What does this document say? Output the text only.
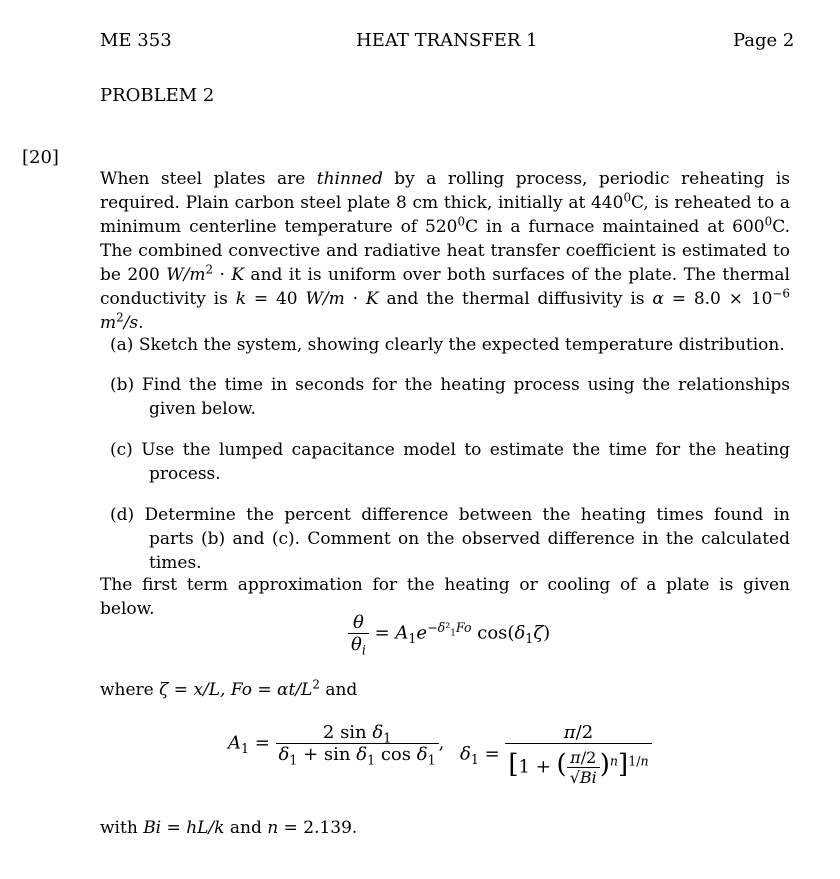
ME 353	HEAT TRANSFER 1	Page 2
PROBLEM 2
[20]
When steel plates are thinned by a rolling process, periodic reheating is required. Plain carbon steel plate 8 cm thick, initially at $440^0C$, is reheated to a minimum centerline temperature of $520^0C$ in a furnace maintained at $600^0C$. The combined convective and radiative heat transfer coefficient is estimated to be 200 $W/m^2 \cdot K$ and it is uniform over both surfaces of the plate. The thermal conductivity is k = 40 W/m · K and the thermal diffusivity is $\alpha = 8.0 \times 10^{-6}$ $m^2/s$.
(a) Sketch the system, showing clearly the expected temperature distribution.
(b) Find the time in seconds for the heating process using the relationships given below.
(c) Use the lumped capacitance model to estimate the time for the heating process.
(d) Determine the percent difference between the heating times found in parts (b) and (c). Comment on the observed difference in the calculated times.
The first term approximation for the heating or cooling of a plate is given below.
$\frac{\theta}{\theta_i} = A_1e^{-\delta^2_1Fo}$ $\cos(\delta_1\zeta)$
where ζ = x/L, $Fo = \alpha t/L^2$ and
$A_1 = \frac{2 \sin \delta_1}{\delta_1 + \sin \delta_1 \cos \delta_1}$ ,
$\delta_1 = \frac{\pi/2}{[1 + ( \frac{\pi/2}{√Bi} )^n]^{1/n}}$
with Bi = hL/k and n = 2.139.
